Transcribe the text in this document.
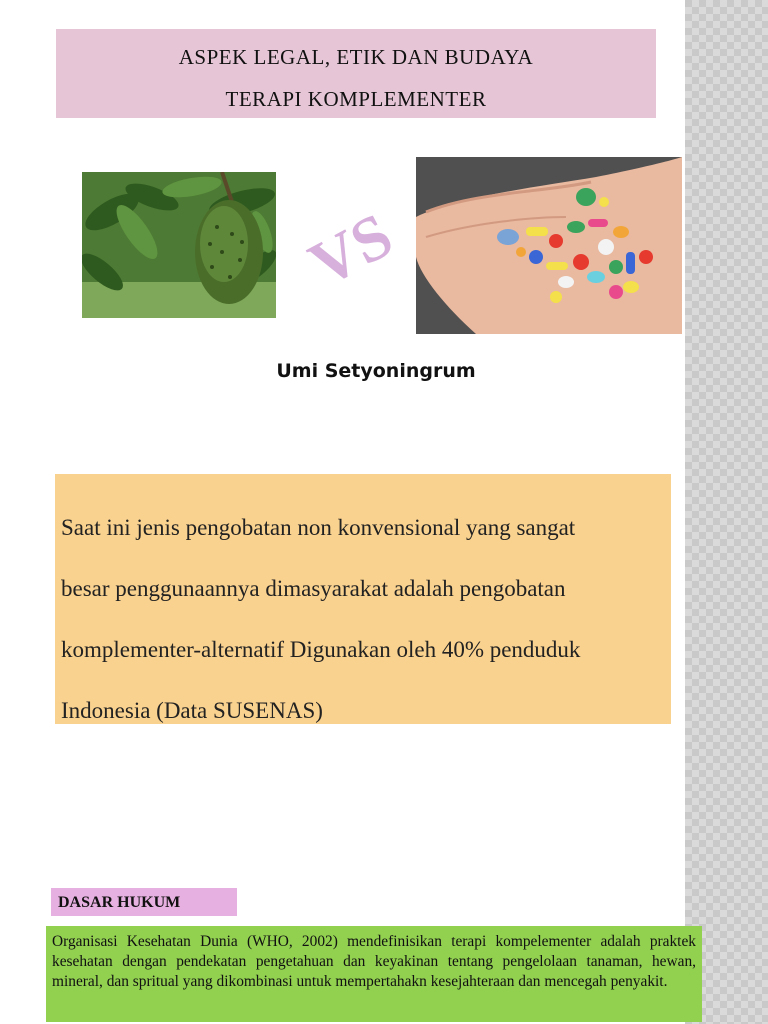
ASPEK LEGAL, ETIK DAN BUDAYA
TERAPI KOMPLEMENTER
VS
Umi Setyoningrum
Saat ini jenis pengobatan non konvensional yang sangat
besar penggunaannya dimasyarakat adalah pengobatan
komplementer-alternatif Digunakan oleh 40% penduduk
Indonesia (Data SUSENAS)
DASAR HUKUM
Organisasi Kesehatan Dunia (WHO, 2002) mendefinisikan terapi kompelementer adalah praktek kesehatan dengan pendekatan pengetahuan dan keyakinan tentang pengelolaan tanaman, hewan, mineral, dan spritual yang dikombinasi untuk mempertahakn kesejahteraan dan mencegah penyakit.
